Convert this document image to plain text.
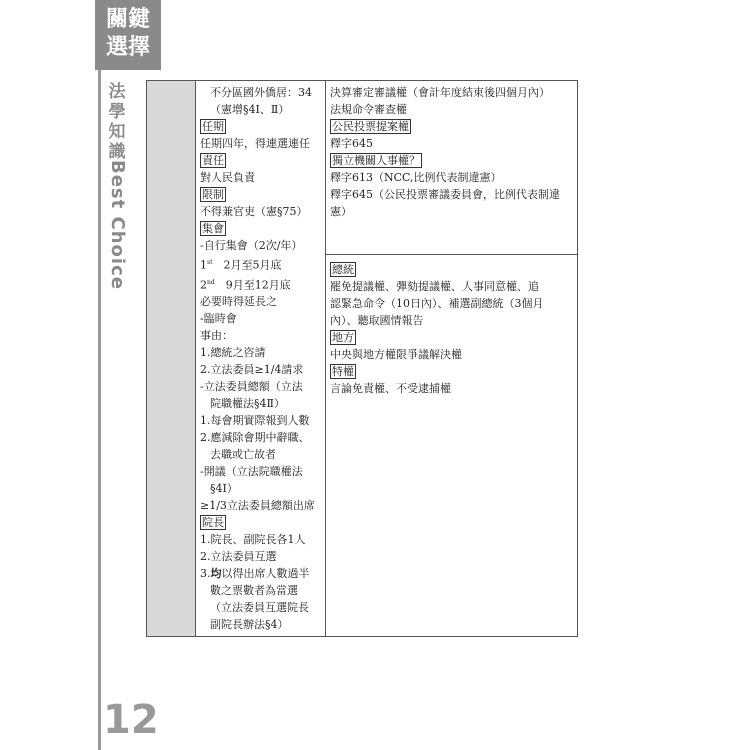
關鍵
選擇
法
學
知
識
Best Choice
12
不分區國外僑居：34
（憲增§4Ⅰ、Ⅱ）
任期
任期四年，得連選連任
責任
對人民負責
限制
不得兼官吏（憲§75）
集會
-自行集會（2次/年）
1st　2月至5月底
2nd　9月至12月底
必要時得延長之
-臨時會
事由：
1.總統之咨請
2.立法委員≥1/4請求
-立法委員總額（立法
院職權法§4Ⅱ）
1.每會期實際報到人數
2.應減除會期中辭職、
去職或亡故者
-開議（立法院職權法
§4Ⅰ）
≥1/3立法委員總額出席
院長
1.院長、副院長各1人
2.立法委員互選
3.均以得出席人數過半
數之票數者為當選
（立法委員互選院長
副院長辦法§4）
決算審定審議權（會計年度結束後四個月內）
法規命令審查權
公民投票提案權
釋字645
獨立機關人事權？
釋字613（NCC,比例代表制違憲）
釋字645（公民投票審議委員會，比例代表制違
憲）
總統
罷免提議權、彈劾提議權、人事同意權、追
認緊急命令（10日內）、補選副總統（3個月
內）、聽取國情報告
地方
中央與地方權限爭議解決權
特權
言論免責權、不受逮捕權
